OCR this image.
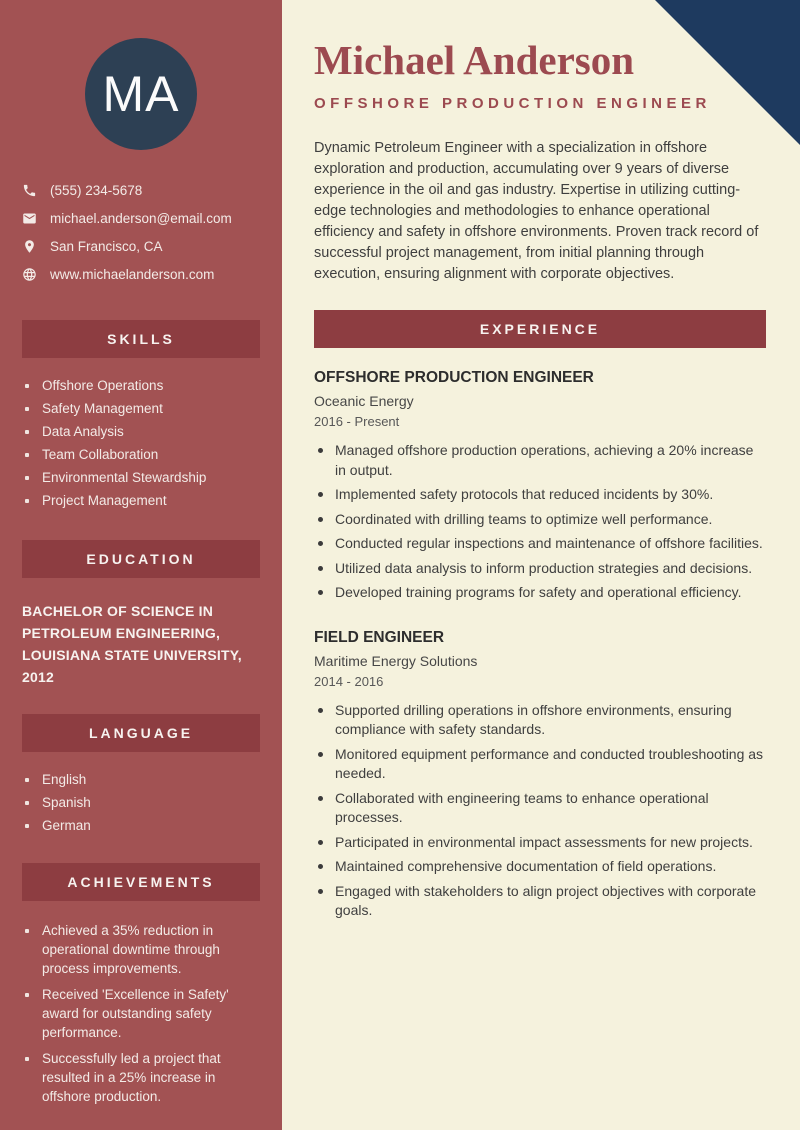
MA
(555) 234-5678
michael.anderson@email.com
San Francisco, CA
www.michaelanderson.com
SKILLS
Offshore Operations
Safety Management
Data Analysis
Team Collaboration
Environmental Stewardship
Project Management
EDUCATION
BACHELOR OF SCIENCE IN PETROLEUM ENGINEERING, LOUISIANA STATE UNIVERSITY, 2012
LANGUAGE
English
Spanish
German
ACHIEVEMENTS
Achieved a 35% reduction in operational downtime through process improvements.
Received 'Excellence in Safety' award for outstanding safety performance.
Successfully led a project that resulted in a 25% increase in offshore production.
Michael Anderson
OFFSHORE PRODUCTION ENGINEER

Dynamic Petroleum Engineer with a specialization in offshore exploration and production, accumulating over 9 years of diverse experience in the oil and gas industry. Expertise in utilizing cutting-edge technologies and methodologies to enhance operational efficiency and safety in offshore environments. Proven track record of successful project management, from initial planning through execution, ensuring alignment with corporate objectives.

EXPERIENCE
OFFSHORE PRODUCTION ENGINEER
Oceanic Energy
2016 - Present
Managed offshore production operations, achieving a 20% increase in output.
Implemented safety protocols that reduced incidents by 30%.
Coordinated with drilling teams to optimize well performance.
Conducted regular inspections and maintenance of offshore facilities.
Utilized data analysis to inform production strategies and decisions.
Developed training programs for safety and operational efficiency.
FIELD ENGINEER
Maritime Energy Solutions
2014 - 2016
Supported drilling operations in offshore environments, ensuring compliance with safety standards.
Monitored equipment performance and conducted troubleshooting as needed.
Collaborated with engineering teams to enhance operational processes.
Participated in environmental impact assessments for new projects.
Maintained comprehensive documentation of field operations.
Engaged with stakeholders to align project objectives with corporate goals.
